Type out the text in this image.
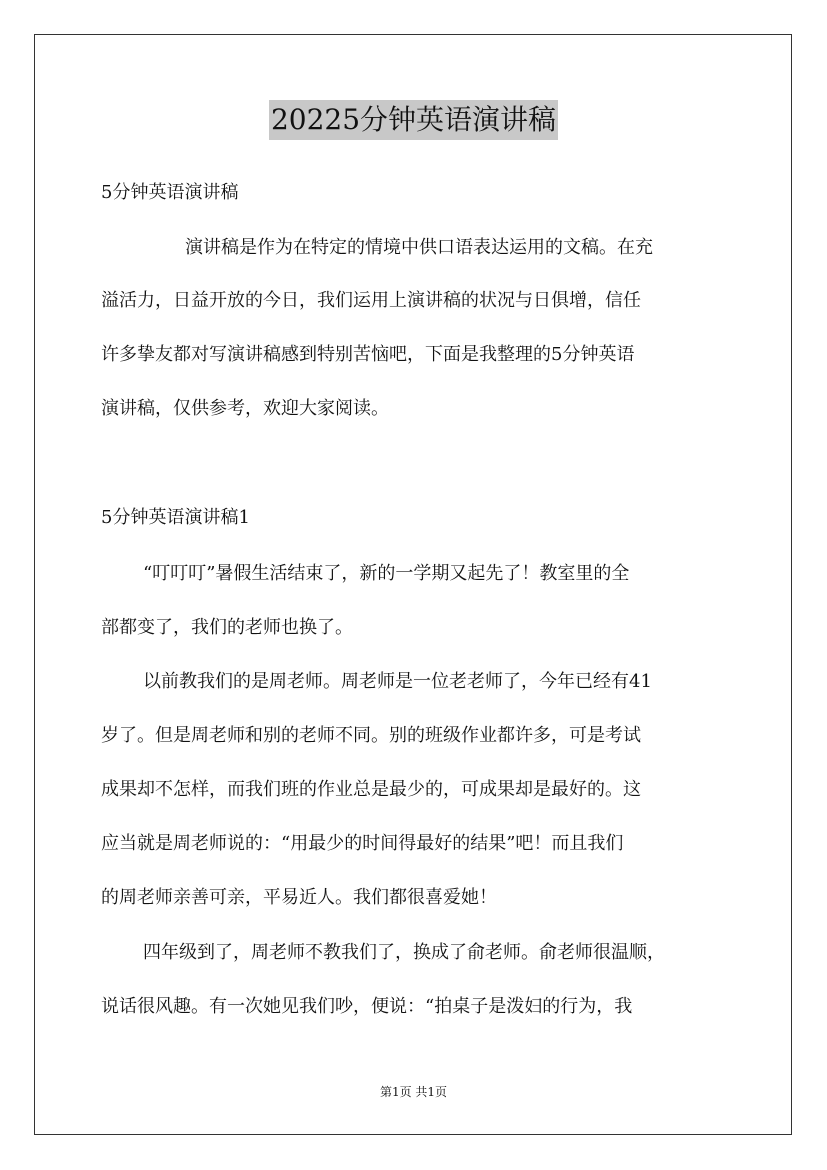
20225分钟英语演讲稿
5分钟英语演讲稿
演讲稿是作为在特定的情境中供口语表达运用的文稿。在充
溢活力，日益开放的今日，我们运用上演讲稿的状况与日俱增，信任
许多挚友都对写演讲稿感到特别苦恼吧，下面是我整理的5分钟英语
演讲稿，仅供参考，欢迎大家阅读。
5分钟英语演讲稿1
“叮叮叮”暑假生活结束了，新的一学期又起先了！教室里的全
部都变了，我们的老师也换了。
以前教我们的是周老师。周老师是一位老老师了，今年已经有41
岁了。但是周老师和别的老师不同。别的班级作业都许多，可是考试
成果却不怎样，而我们班的作业总是最少的，可成果却是最好的。这
应当就是周老师说的：“用最少的时间得最好的结果”吧！而且我们
的周老师亲善可亲，平易近人。我们都很喜爱她！
四年级到了，周老师不教我们了，换成了俞老师。俞老师很温顺，
说话很风趣。有一次她见我们吵，便说：“拍桌子是泼妇的行为，我
第1页 共1页
